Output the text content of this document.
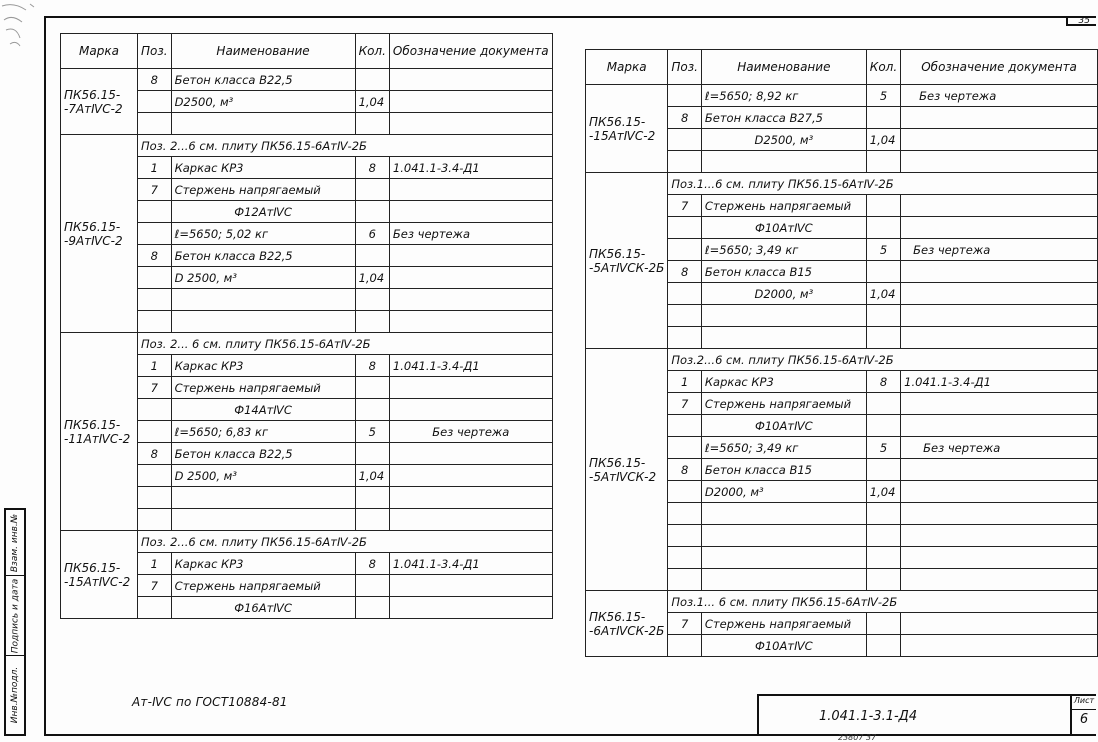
35
Взам. инв.№
Подпись и дата
Инв.№подл.
Марка	Поз.	Наименование	Кол.	Обозначение документа
ПК56.15- -7АтⅣС-2	8	Бетон класса В22,5		
		D2500, м³	1,04	

ПК56.15- -9АтⅣС-2	Поз. 2...6 см. плиту ПК56.15-6АтⅣ-2Б			
	1	Каркас КР3	8	1.041.1-3.4-Д1
	7	Стержень напрягаемый		
		Ф12АтⅣС		
		ℓ=5650; 5,02 кг	6	Без чертежа
	8	Бетон класса В22,5		
		D 2500, м³	1,04	

ПК56.15- -11АтⅣС-2	Поз. 2... 6 см. плиту ПК56.15-6АтⅣ-2Б			
	1	Каркас КР3	8	1.041.1-3.4-Д1
	7	Стержень напрягаемый		
		Ф14АтⅣС		
		ℓ=5650; 6,83 кг	5	Без чертежа
	8	Бетон класса В22,5		
		D 2500, м³	1,04	

ПК56.15- -15АтⅣС-2	Поз. 2...6 см. плиту ПК56.15-6АтⅣ-2Б			
	1	Каркас КР3	8	1.041.1-3.4-Д1
	7	Стержень напрягаемый		
		Ф16АтⅣС		
Марка	Поз.	Наименование	Кол.	Обозначение документа
ПК56.15- -15АтⅣС-2		ℓ=5650; 8,92 кг	5	Без чертежа
	8	Бетон класса В27,5		
		D2500, м³	1,04	

ПК56.15- -5АтⅣСК-2Б	Поз.1...6 см. плиту ПК56.15-6АтⅣ-2Б			
	7	Стержень напрягаемый		
		Ф10АтⅣС		
		ℓ=5650; 3,49 кг	5	Без чертежа
	8	Бетон класса В15		
		D2000, м³	1,04	

ПК56.15- -5АтⅣСК-2	Поз.2...6 см. плиту ПК56.15-6АтⅣ-2Б			
	1	Каркас КР3	8	1.041.1-3.4-Д1
	7	Стержень напрягаемый		
		Ф10АтⅣС		
		ℓ=5650; 3,49 кг	5	Без чертежа
	8	Бетон класса В15		
		D2000, м³	1,04	

ПК56.15- -6АтⅣСК-2Б	Поз.1... 6 см. плиту ПК56.15-6АтⅣ-2Б			
	7	Стержень напрягаемый		
		Ф10АтⅣС		
Ат-ⅣС по ГОСТ10884-81
1.041.1-3.1-Д4
Лист
6
23807 37
